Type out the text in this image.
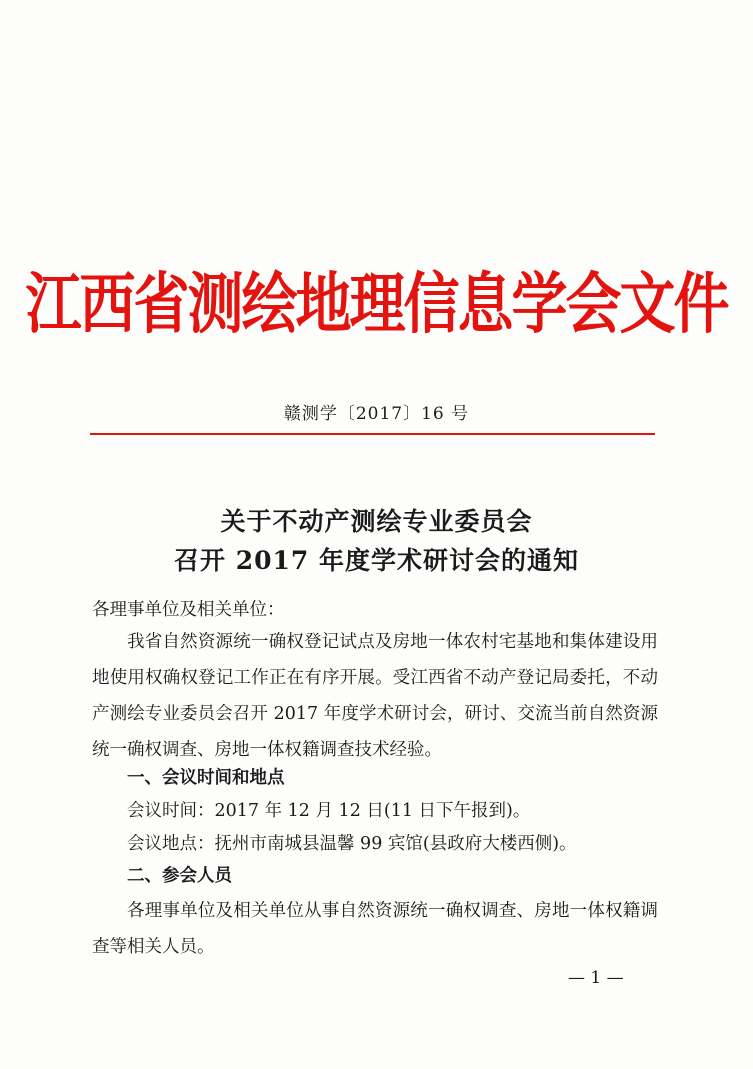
江西省测绘地理信息学会文件
赣测学〔2017〕16 号
关于不动产测绘专业委员会
召开 2017 年度学术研讨会的通知
各理事单位及相关单位：
我省自然资源统一确权登记试点及房地一体农村宅基地和集体建设用地使用权确权登记工作正在有序开展。受江西省不动产登记局委托，不动产测绘专业委员会召开 2017 年度学术研讨会，研讨、交流当前自然资源统一确权调查、房地一体权籍调查技术经验。
一、会议时间和地点
会议时间：2017 年 12 月 12 日(11 日下午报到)。
会议地点：抚州市南城县温馨 99 宾馆(县政府大楼西侧)。
二、参会人员
各理事单位及相关单位从事自然资源统一确权调查、房地一体权籍调查等相关人员。
— 1 —
